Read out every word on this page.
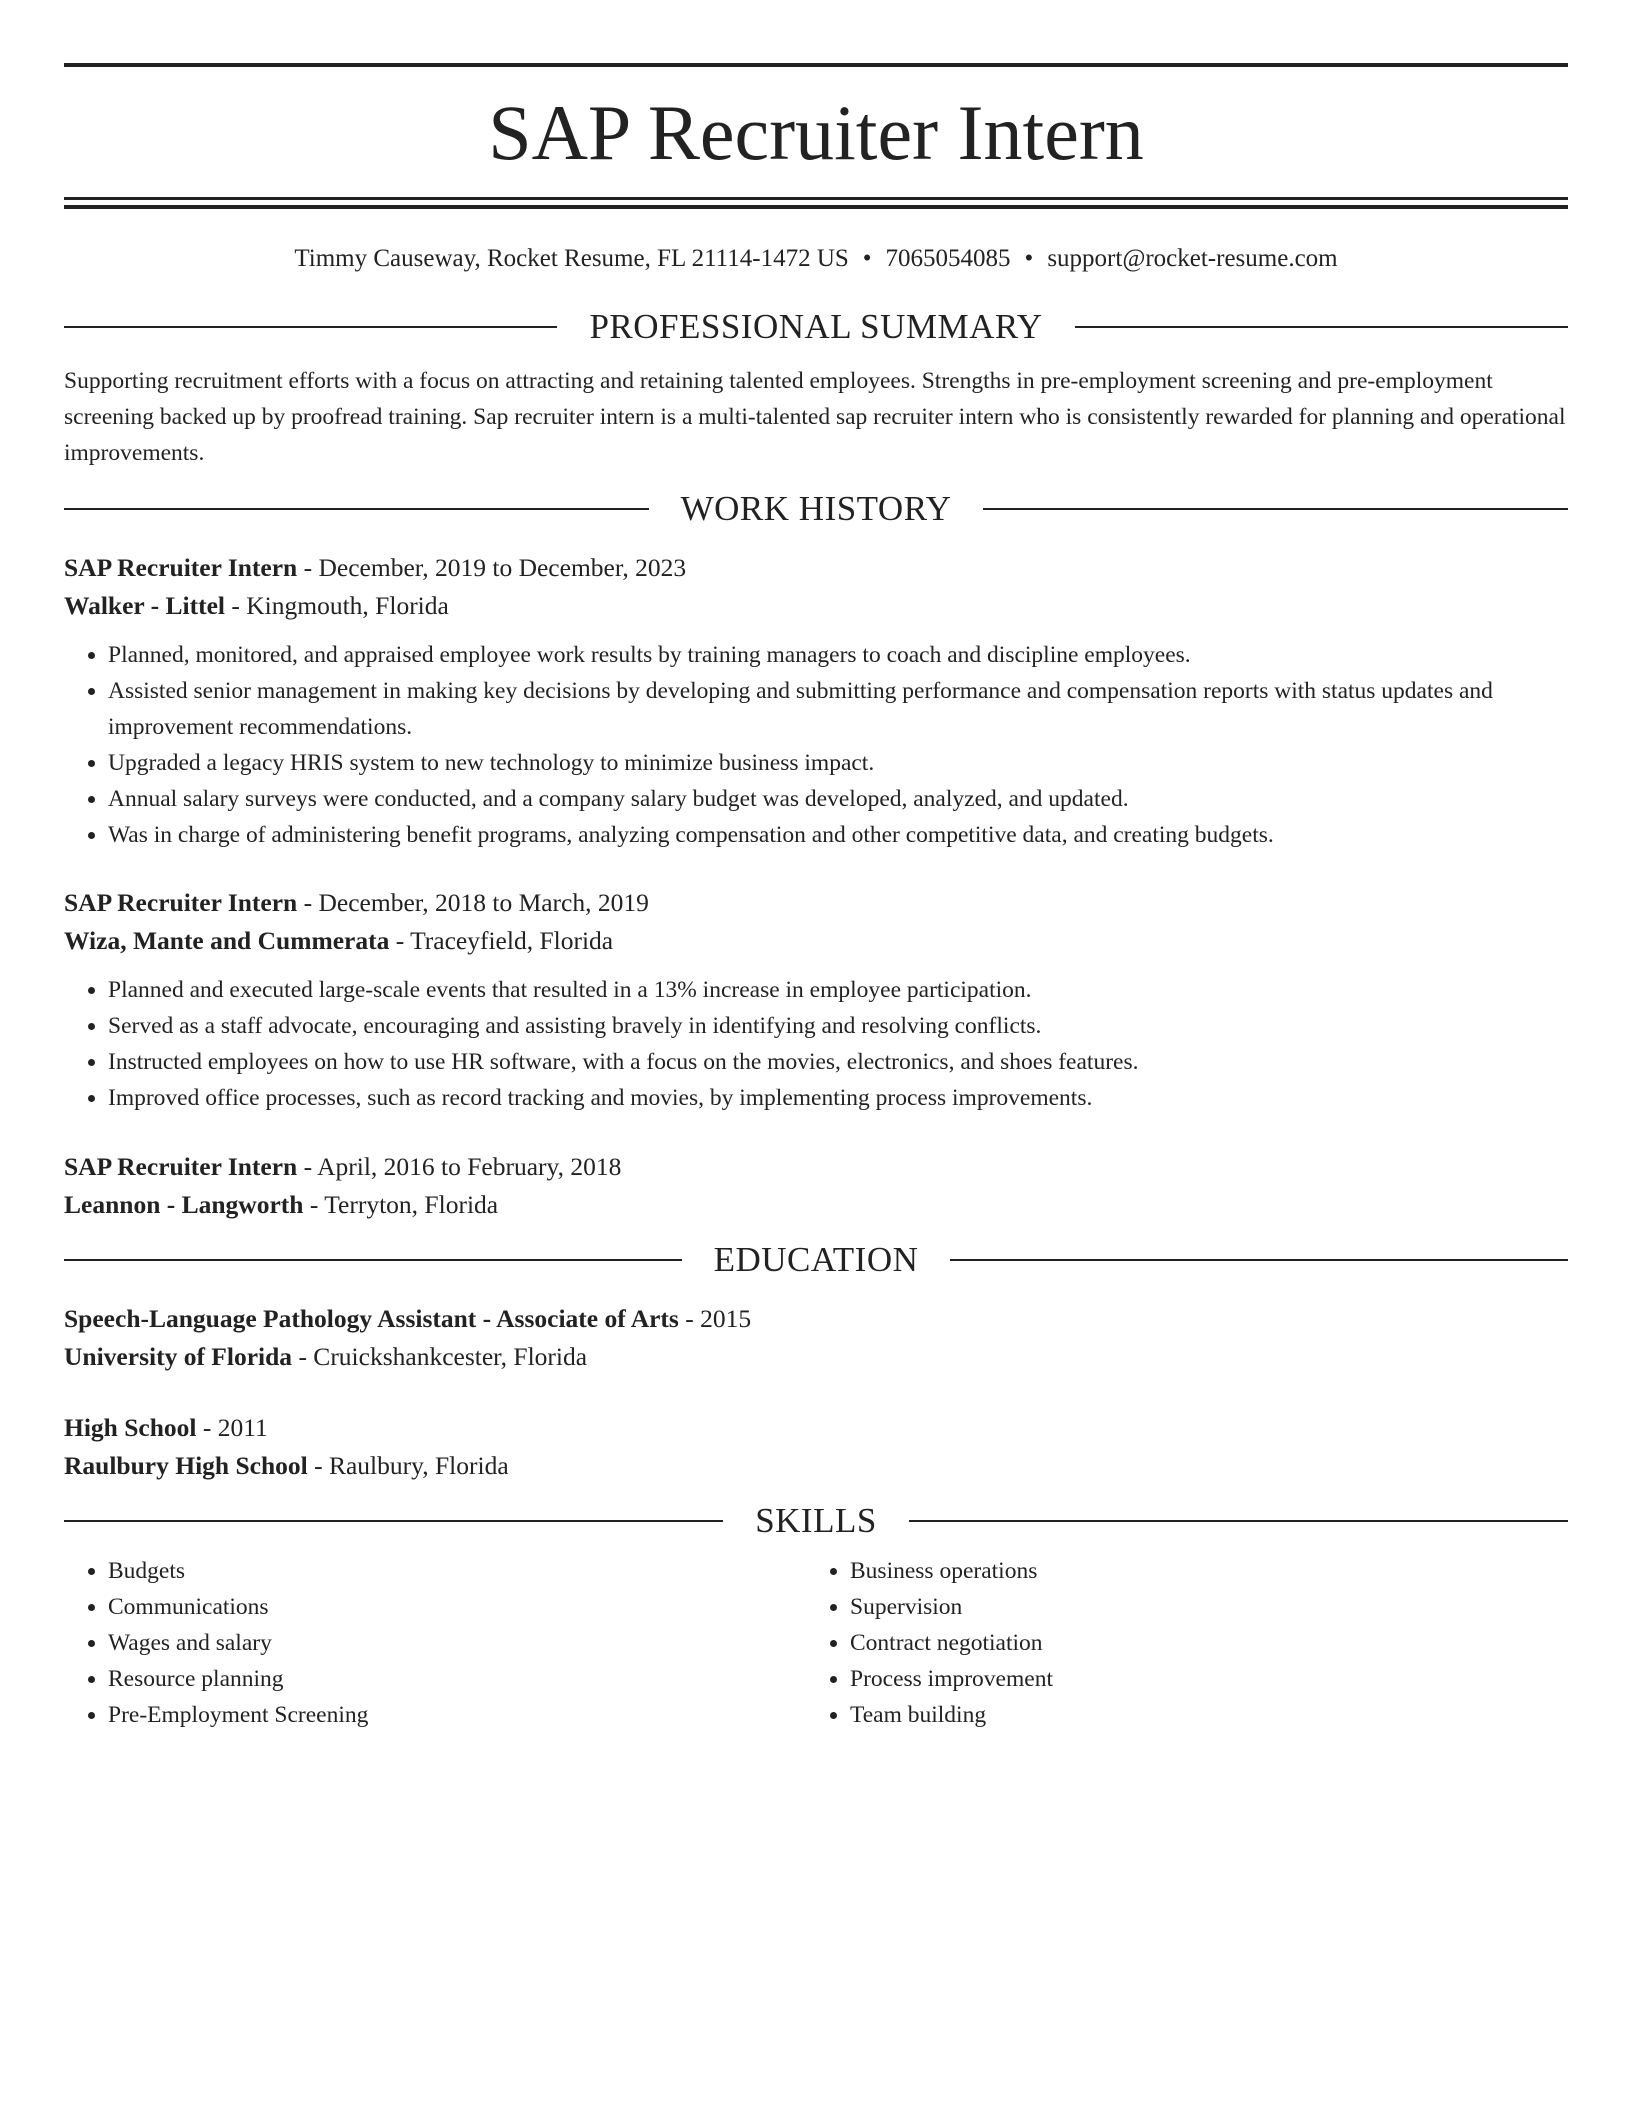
SAP Recruiter Intern
Timmy Causeway, Rocket Resume, FL 21114-1472 US • 7065054085 • support@rocket-resume.com
PROFESSIONAL SUMMARY
Supporting recruitment efforts with a focus on attracting and retaining talented employees. Strengths in pre-employment screening and pre-employment screening backed up by proofread training. Sap recruiter intern is a multi-talented sap recruiter intern who is consistently rewarded for planning and operational improvements.
WORK HISTORY
SAP Recruiter Intern - December, 2019 to December, 2023
Walker - Littel - Kingmouth, Florida
• Planned, monitored, and appraised employee work results by training managers to coach and discipline employees.
• Assisted senior management in making key decisions by developing and submitting performance and compensation reports with status updates and improvement recommendations.
• Upgraded a legacy HRIS system to new technology to minimize business impact.
• Annual salary surveys were conducted, and a company salary budget was developed, analyzed, and updated.
• Was in charge of administering benefit programs, analyzing compensation and other competitive data, and creating budgets.
SAP Recruiter Intern - December, 2018 to March, 2019
Wiza, Mante and Cummerata - Traceyfield, Florida
• Planned and executed large-scale events that resulted in a 13% increase in employee participation.
• Served as a staff advocate, encouraging and assisting bravely in identifying and resolving conflicts.
• Instructed employees on how to use HR software, with a focus on the movies, electronics, and shoes features.
• Improved office processes, such as record tracking and movies, by implementing process improvements.
SAP Recruiter Intern - April, 2016 to February, 2018
Leannon - Langworth - Terryton, Florida
EDUCATION
Speech-Language Pathology Assistant - Associate of Arts - 2015
University of Florida - Cruickshankcester, Florida
High School - 2011
Raulbury High School - Raulbury, Florida
SKILLS
• Budgets
• Communications
• Wages and salary
• Resource planning
• Pre-Employment Screening
• Business operations
• Supervision
• Contract negotiation
• Process improvement
• Team building
